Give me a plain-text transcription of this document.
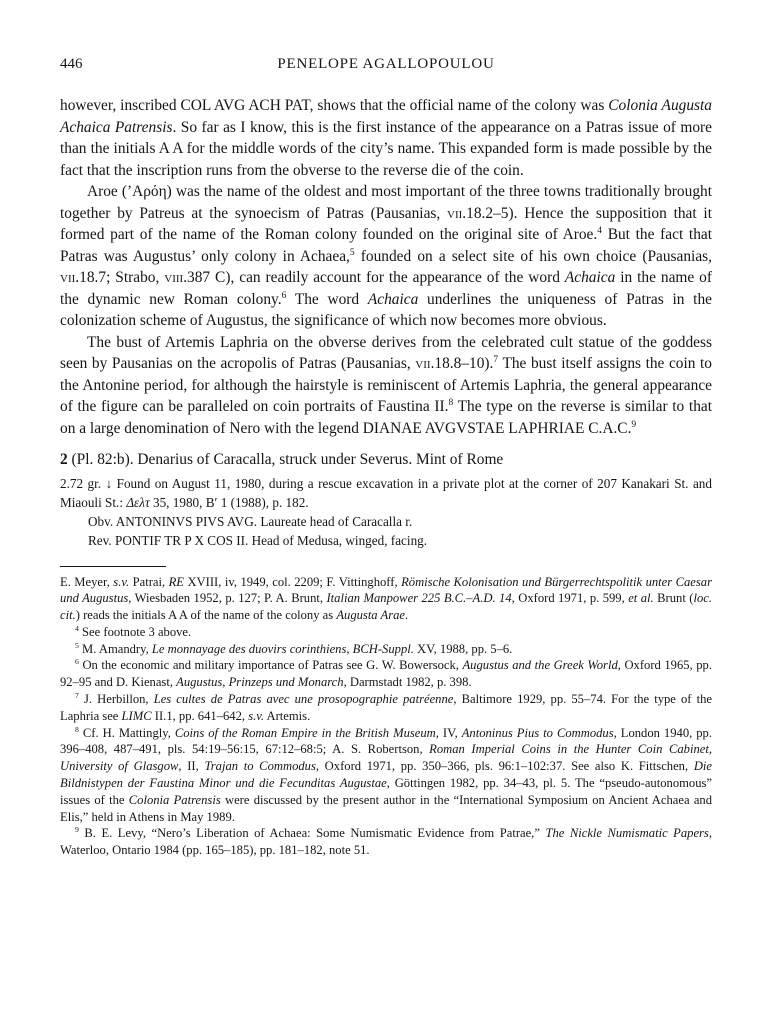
446	PENELOPE AGALLOPOULOU

however, inscribed COL AVG ACH PAT, shows that the official name of the colony was Colonia Augusta Achaica Patrensis. So far as I know, this is the first instance of the appearance on a Patras issue of more than the initials A A for the middle words of the city’s name. This expanded form is made possible by the fact that the inscription runs from the obverse to the reverse die of the coin.

Aroe (’Αρόη) was the name of the oldest and most important of the three towns traditionally brought together by Patreus at the synoecism of Patras (Pausanias, vii.18.2–5). Hence the supposition that it formed part of the name of the Roman colony founded on the original site of Aroe.$^4$ But the fact that Patras was Augustus’ only colony in Achaea,$^5$ founded on a select site of his own choice (Pausanias, vii.18.7; Strabo, viii.387 C), can readily account for the appearance of the word Achaica in the name of the dynamic new Roman colony.$^6$ The word Achaica underlines the uniqueness of Patras in the colonization scheme of Augustus, the significance of which now becomes more obvious.

The bust of Artemis Laphria on the obverse derives from the celebrated cult statue of the goddess seen by Pausanias on the acropolis of Patras (Pausanias, vii.18.8–10).$^7$ The bust itself assigns the coin to the Antonine period, for although the hairstyle is reminiscent of Artemis Laphria, the general appearance of the figure can be paralleled on coin portraits of Faustina II.$^8$ The type on the reverse is similar to that on a large denomination of Nero with the legend DIANAE AVGVSTAE LAPHRIAE C.A.C.$^9$

2 (Pl. 82:b). Denarius of Caracalla, struck under Severus. Mint of Rome

2.72 gr. ↓ Found on August 11, 1980, during a rescue excavation in a private plot at the corner of 207 Kanakari St. and Miaouli St.: Δελτ 35, 1980, Β′ 1 (1988), p. 182.

Obv. ANTONINVS PIVS AVG. Laureate head of Caracalla r.

Rev. PONTIF TR P X COS II. Head of Medusa, winged, facing.

E. Meyer, s.v. Patrai, RE XVIII, iv, 1949, col. 2209; F. Vittinghoff, Römische Kolonisation und Bürgerrechtspolitik unter Caesar und Augustus, Wiesbaden 1952, p. 127; P. A. Brunt, Italian Manpower 225 B.C.–A.D. 14, Oxford 1971, p. 599, et al. Brunt (loc. cit.) reads the initials A A of the name of the colony as Augusta Arae.

$^4$ See footnote 3 above.

$^5$ M. Amandry, Le monnayage des duovirs corinthiens, BCH-Suppl. XV, 1988, pp. 5–6.

$^6$ On the economic and military importance of Patras see G. W. Bowersock, Augustus and the Greek World, Oxford 1965, pp. 92–95 and D. Kienast, Augustus, Prinzeps und Monarch, Darmstadt 1982, p. 398.

$^7$ J. Herbillon, Les cultes de Patras avec une prosopographie patréenne, Baltimore 1929, pp. 55–74. For the type of the Laphria see LIMC II.1, pp. 641–642, s.v. Artemis.

$^8$ Cf. H. Mattingly, Coins of the Roman Empire in the British Museum, IV, Antoninus Pius to Commodus, London 1940, pp. 396–408, 487–491, pls. 54:19–56:15, 67:12–68:5; A. S. Robertson, Roman Imperial Coins in the Hunter Coin Cabinet, University of Glasgow, II, Trajan to Commodus, Oxford 1971, pp. 350–366, pls. 96:1–102:37. See also K. Fittschen, Die Bildnistypen der Faustina Minor und die Fecunditas Augustae, Göttingen 1982, pp. 34–43, pl. 5. The “pseudo-autonomous” issues of the Colonia Patrensis were discussed by the present author in the “International Symposium on Ancient Achaea and Elis,” held in Athens in May 1989.

$^9$ B. E. Levy, “Nero’s Liberation of Achaea: Some Numismatic Evidence from Patrae,” The Nickle Numismatic Papers, Waterloo, Ontario 1984 (pp. 165–185), pp. 181–182, note 51.
